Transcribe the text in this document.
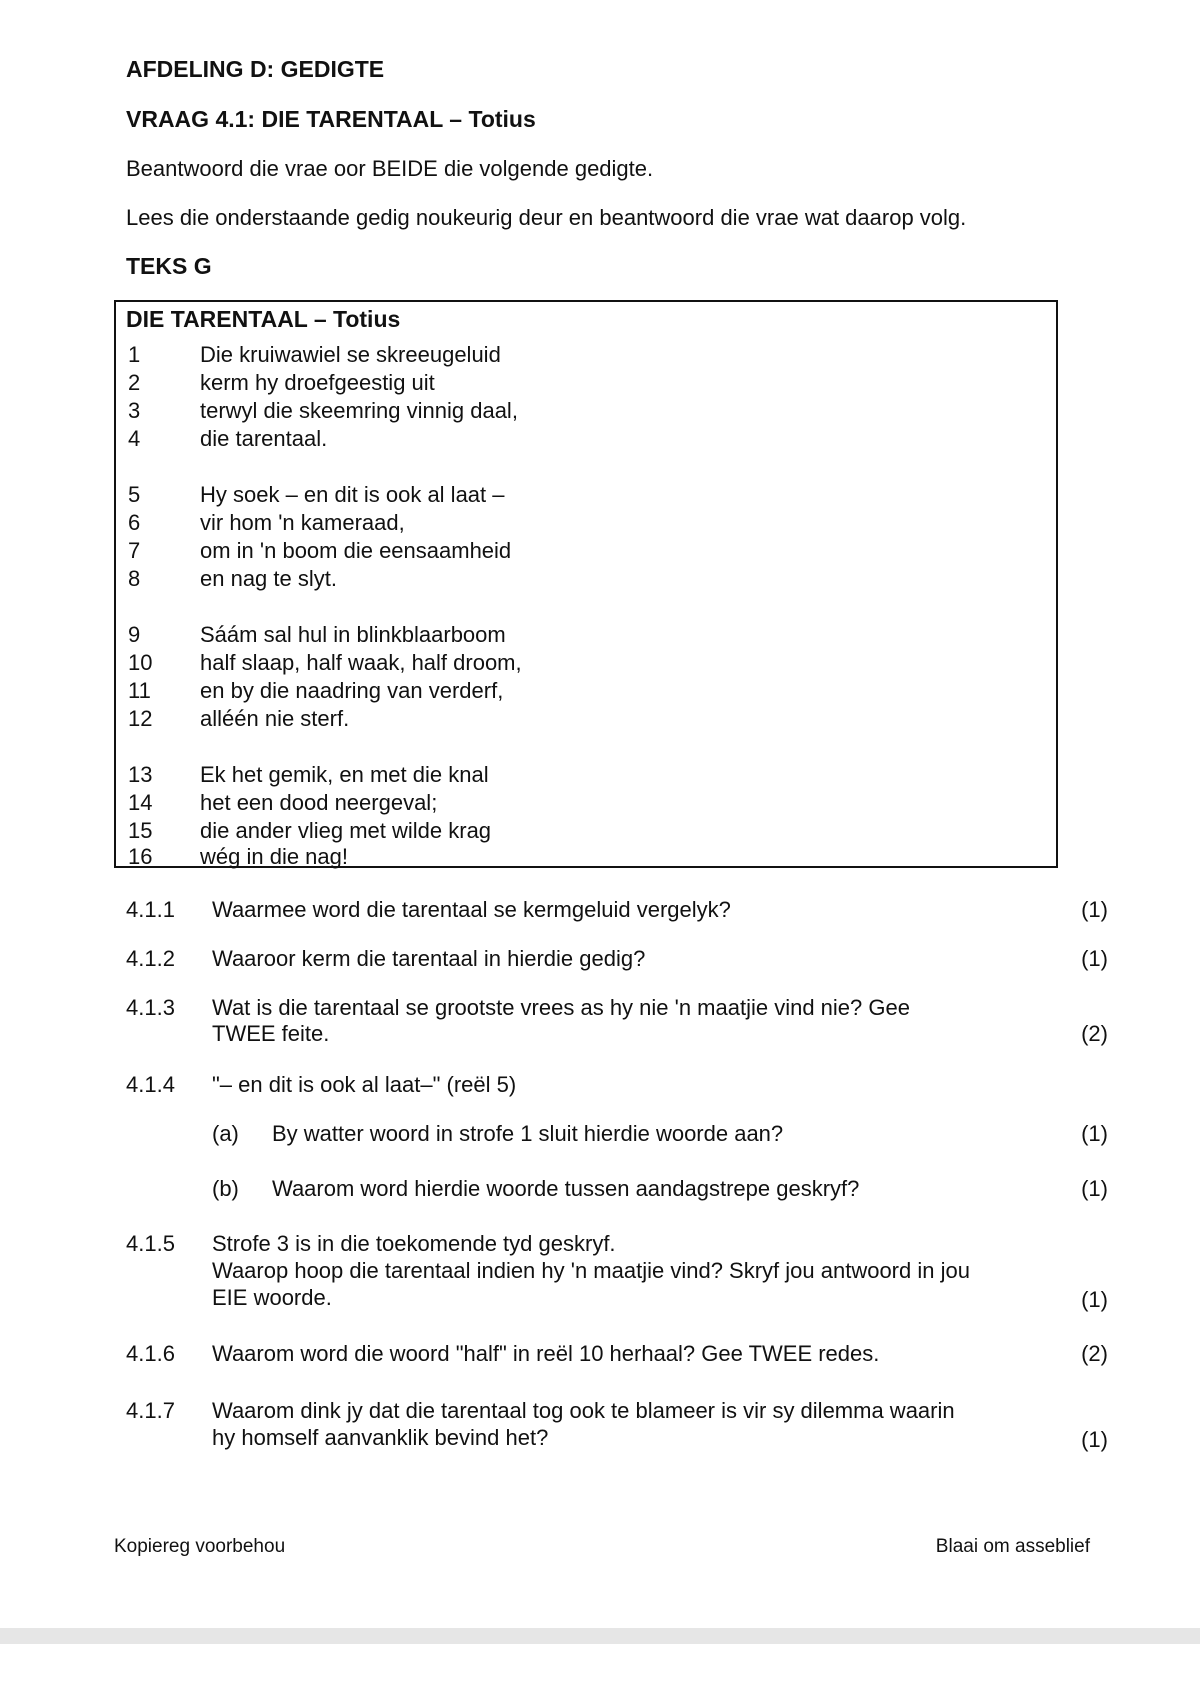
AFDELING D: GEDIGTE
VRAAG 4.1: DIE TARENTAAL – Totius
Beantwoord die vrae oor BEIDE die volgende gedigte.
Lees die onderstaande gedig noukeurig deur en beantwoord die vrae wat daarop volg.
TEKS G
DIE TARENTAAL – Totius
1	Die kruiwawiel se skreeugeluid
2	kerm hy droefgeestig uit
3	terwyl die skeemring vinnig daal,
4	die tarentaal.
5	Hy soek – en dit is ook al laat –
6	vir hom 'n kameraad,
7	om in 'n boom die eensaamheid
8	en nag te slyt.
9	Sáám sal hul in blinkblaarboom
10 half slaap, half waak, half droom,
11 en by die naadring van verderf,
12 alléén nie sterf.
13 Ek het gemik, en met die knal
14 het een dood neergeval;
15 die ander vlieg met wilde krag
16 wég in die nag!
4.1.1 Waarmee word die tarentaal se kermgeluid vergelyk?	(1)
4.1.2 Waaroor kerm die tarentaal in hierdie gedig?	(1)
4.1.3 Wat is die tarentaal se grootste vrees as hy nie 'n maatjie vind nie? Gee
TWEE feite.	(2)
4.1.4 "– en dit is ook al laat–" (reël 5)
(a) By watter woord in strofe 1 sluit hierdie woorde aan?	(1)
(b) Waarom word hierdie woorde tussen aandagstrepe geskryf?	(1)
4.1.5 Strofe 3 is in die toekomende tyd geskryf.
Waarop hoop die tarentaal indien hy 'n maatjie vind? Skryf jou antwoord in jou
EIE woorde.	(1)
4.1.6 Waarom word die woord "half" in reël 10 herhaal? Gee TWEE redes.	(2)
4.1.7 Waarom dink jy dat die tarentaal tog ook te blameer is vir sy dilemma waarin
hy homself aanvanklik bevind het?	(1)
Kopiereg voorbehou	Blaai om asseblief
